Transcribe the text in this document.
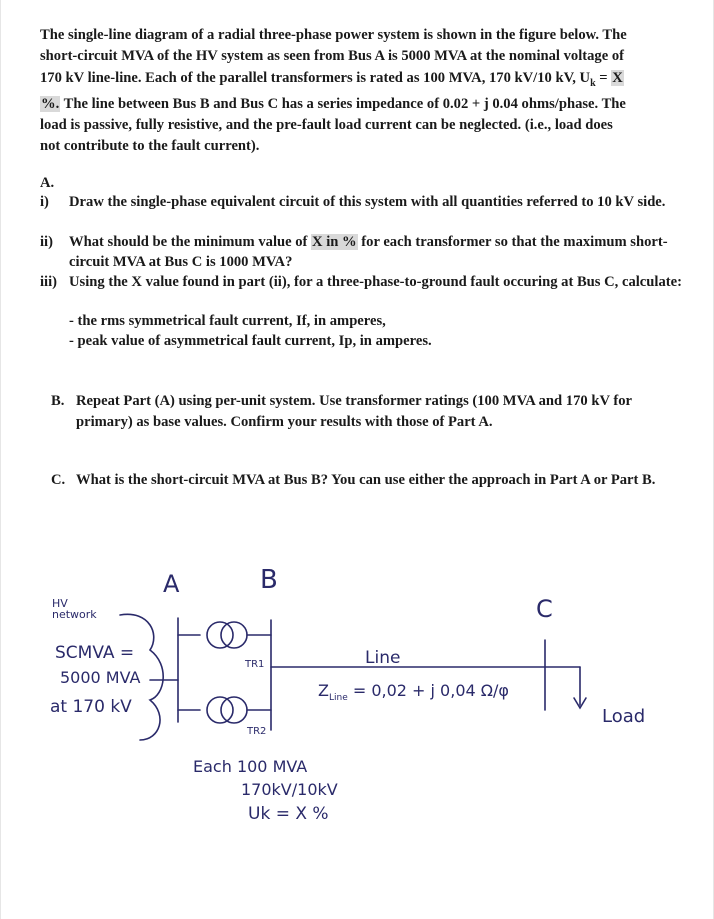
The single-line diagram of a radial three-phase power system is shown in the figure below. The
short-circuit MVA of the HV system as seen from Bus A is 5000 MVA at the nominal voltage of
170 kV line-line. Each of the parallel transformers is rated as 100 MVA, 170 kV/10 kV, $U_k = X$
%. The line between Bus B and Bus C has a series impedance of 0.02 + j 0.04 ohms/phase. The
load is passive, fully resistive, and the pre-fault load current can be neglected. (i.e., load does
not contribute to the fault current).
A.
i) Draw the single-phase equivalent circuit of this system with all quantities referred to 10 kV side.
ii) What should be the minimum value of X in % for each transformer so that the maximum short-circuit MVA at Bus C is 1000 MVA?
iii) Using the X value found in part (ii), for a three-phase-to-ground fault occuring at Bus C, calculate:
- the rms symmetrical fault current, If, in amperes,
- peak value of asymmetrical fault current, Ip, in amperes.
B. Repeat Part (A) using per-unit system. Use transformer ratings (100 MVA and 170 kV for primary) as base values. Confirm your results with those of Part A.
C. What is the short-circuit MVA at Bus B? You can use either the approach in Part A or Part B.
A	B
C
HV
network
SCMVA =
5000 MVA
at 170 kV
TR1
TR2
Line
$Z_{Line} = 0,02 + j$ 0,04 Ω/φ
Load
Each 100 MVA
170kV/10kV
Uk = X %
